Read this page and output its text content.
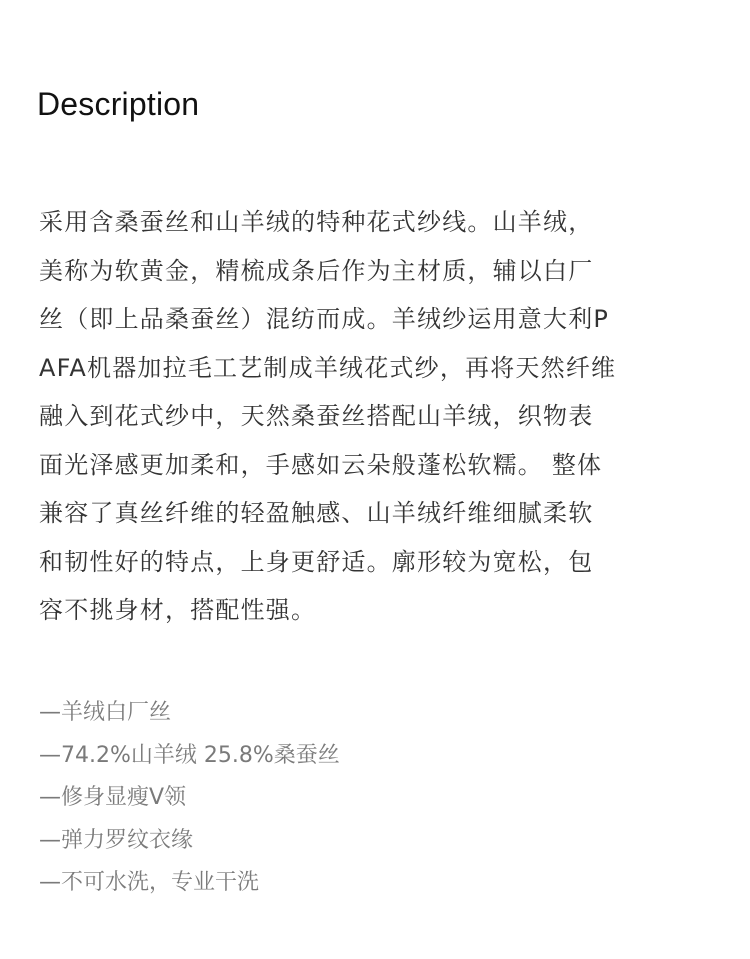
Description
采用含桑蚕丝和山羊绒的特种花式纱线。山羊绒，
美称为软黄金，精梳成条后作为主材质，辅以白厂
丝（即上品桑蚕丝）混纺而成。羊绒纱运用意大利P
AFA机器加拉毛工艺制成羊绒花式纱，再将天然纤维
融入到花式纱中，天然桑蚕丝搭配山羊绒，织物表
面光泽感更加柔和，手感如云朵般蓬松软糯。 整体
兼容了真丝纤维的轻盈触感、山羊绒纤维细腻柔软
和韧性好的特点，上身更舒适。廓形较为宽松，包
容不挑身材，搭配性强。
—羊绒白厂丝
—74.2%山羊绒 25.8%桑蚕丝
—修身显瘦V领
—弹力罗纹衣缘
—不可水洗，专业干洗
